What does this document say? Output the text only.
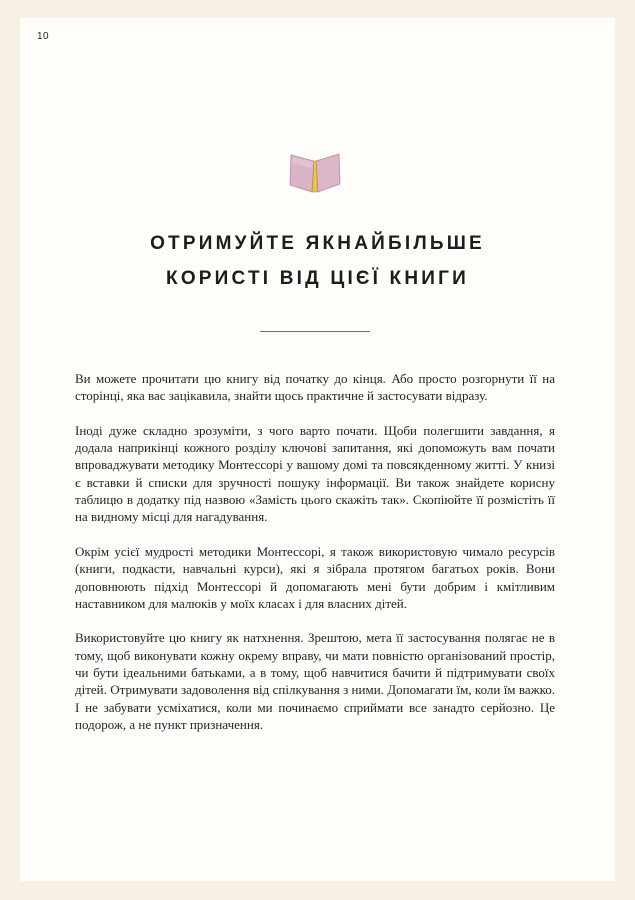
10
ОТРИМУЙТЕ ЯКНАЙБІЛЬШЕ
КОРИСТІ ВІД ЦІЄЇ КНИГИ

Ви можете прочитати цю книгу від початку до кінця. Або просто розгорнути її на сторінці, яка вас зацікавила, знайти щось практичне й застосувати відразу.

Іноді дуже складно зрозуміти, з чого варто почати. Щоби полегшити завдання, я додала наприкінці кожного розділу ключові запитання, які допоможуть вам почати впроваджувати методику Монтессорі у вашому домі та повсякденному житті. У книзі є вставки й списки для зручності пошуку інформації. Ви також знайдете корисну таблицю в додатку під назвою «Замість цього скажіть так». Скопіюйте її розмістіть її на видному місці для нагадування.

Окрім усієї мудрості методики Монтессорі, я також використовую чимало ресурсів (книги, подкасти, навчальні курси), які я зібрала протягом багатьох років. Вони доповнюють підхід Монтессорі й допомагають мені бути добрим і кмітливим наставником для малюків у моїх класах і для власних дітей.

Використовуйте цю книгу як натхнення. Зрештою, мета її застосування полягає не в тому, щоб виконувати кожну окрему вправу, чи мати повністю організований простір, чи бути ідеальними батьками, а в тому, щоб навчитися бачити й підтримувати своїх дітей. Отримувати задоволення від спілкування з ними. Допомагати їм, коли їм важко. І не забувати усміхатися, коли ми починаємо сприймати все занадто серйозно. Це подорож, а не пункт призначення.
